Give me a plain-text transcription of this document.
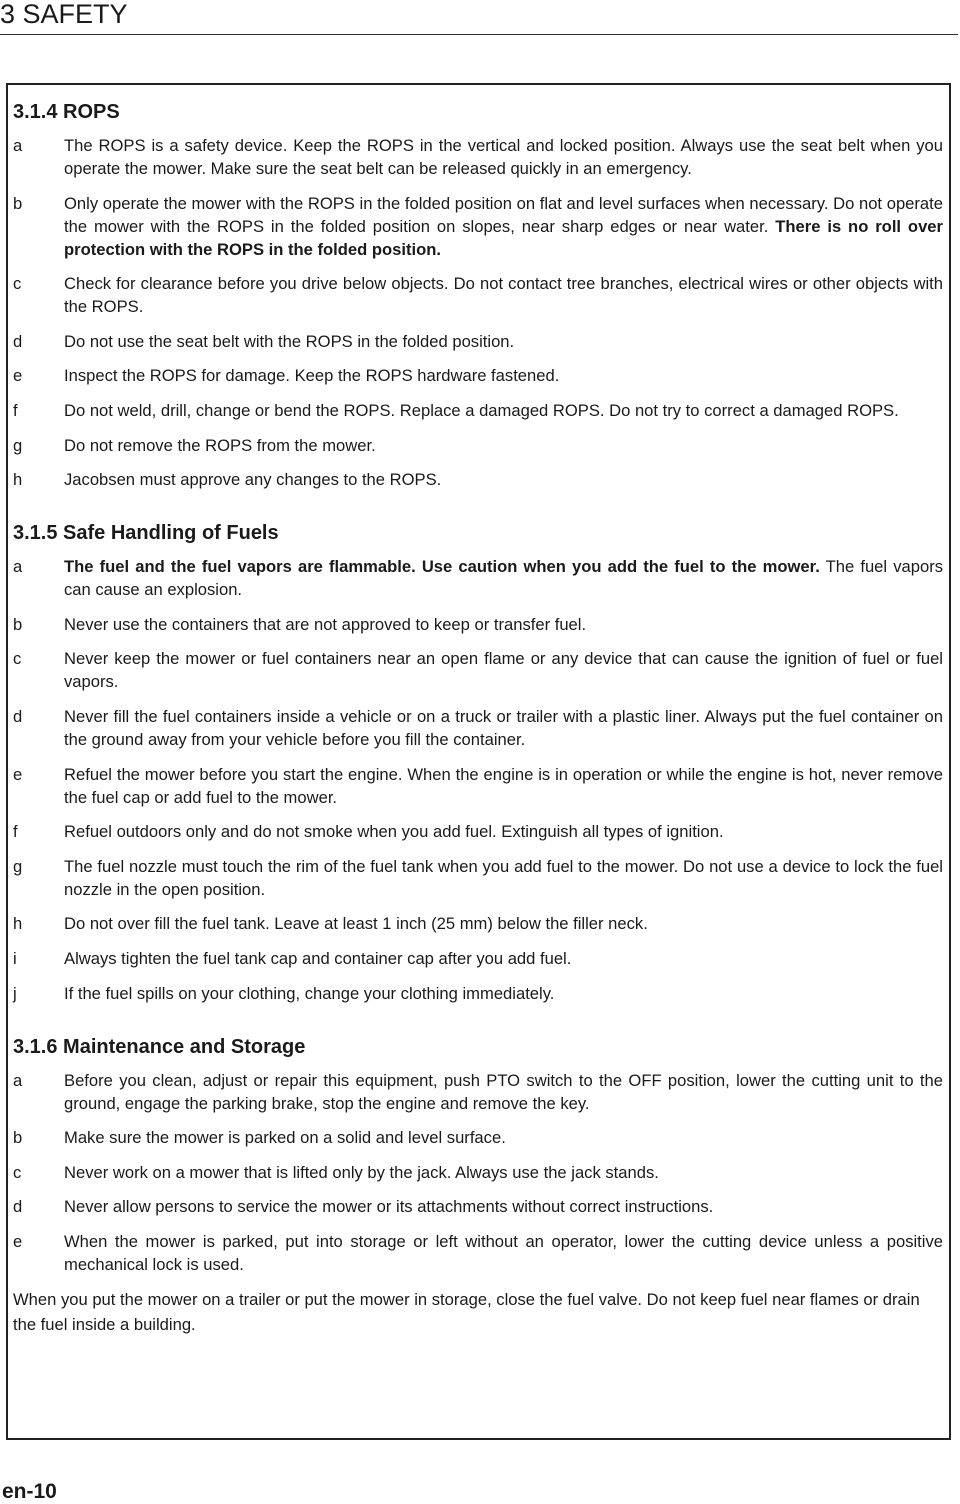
3 SAFETY
3.1.4 ROPS
a	The ROPS is a safety device. Keep the ROPS in the vertical and locked position. Always use the seat belt when you operate the mower. Make sure the seat belt can be released quickly in an emergency.
b	Only operate the mower with the ROPS in the folded position on flat and level surfaces when necessary. Do not operate the mower with the ROPS in the folded position on slopes, near sharp edges or near water. There is no roll over protection with the ROPS in the folded position.
c	Check for clearance before you drive below objects. Do not contact tree branches, electrical wires or other objects with the ROPS.
d	Do not use the seat belt with the ROPS in the folded position.
e	Inspect the ROPS for damage. Keep the ROPS hardware fastened.
f	Do not weld, drill, change or bend the ROPS. Replace a damaged ROPS. Do not try to correct a damaged ROPS.
g	Do not remove the ROPS from the mower.
h	Jacobsen must approve any changes to the ROPS.
3.1.5 Safe Handling of Fuels
a	The fuel and the fuel vapors are flammable. Use caution when you add the fuel to the mower. The fuel vapors can cause an explosion.
b	Never use the containers that are not approved to keep or transfer fuel.
c	Never keep the mower or fuel containers near an open flame or any device that can cause the ignition of fuel or fuel vapors.
d	Never fill the fuel containers inside a vehicle or on a truck or trailer with a plastic liner. Always put the fuel container on the ground away from your vehicle before you fill the container.
e	Refuel the mower before you start the engine. When the engine is in operation or while the engine is hot, never remove the fuel cap or add fuel to the mower.
f	Refuel outdoors only and do not smoke when you add fuel. Extinguish all types of ignition.
g	The fuel nozzle must touch the rim of the fuel tank when you add fuel to the mower. Do not use a device to lock the fuel nozzle in the open position.
h	Do not over fill the fuel tank. Leave at least 1 inch (25 mm) below the filler neck.
i	Always tighten the fuel tank cap and container cap after you add fuel.
j	If the fuel spills on your clothing, change your clothing immediately.
3.1.6 Maintenance and Storage
a	Before you clean, adjust or repair this equipment, push PTO switch to the OFF position, lower the cutting unit to the ground, engage the parking brake, stop the engine and remove the key.
b	Make sure the mower is parked on a solid and level surface.
c	Never work on a mower that is lifted only by the jack. Always use the jack stands.
d	Never allow persons to service the mower or its attachments without correct instructions.
e	When the mower is parked, put into storage or left without an operator, lower the cutting device unless a positive mechanical lock is used.

When you put the mower on a trailer or put the mower in storage, close the fuel valve. Do not keep fuel near flames or drain the fuel inside a building.

en-10
